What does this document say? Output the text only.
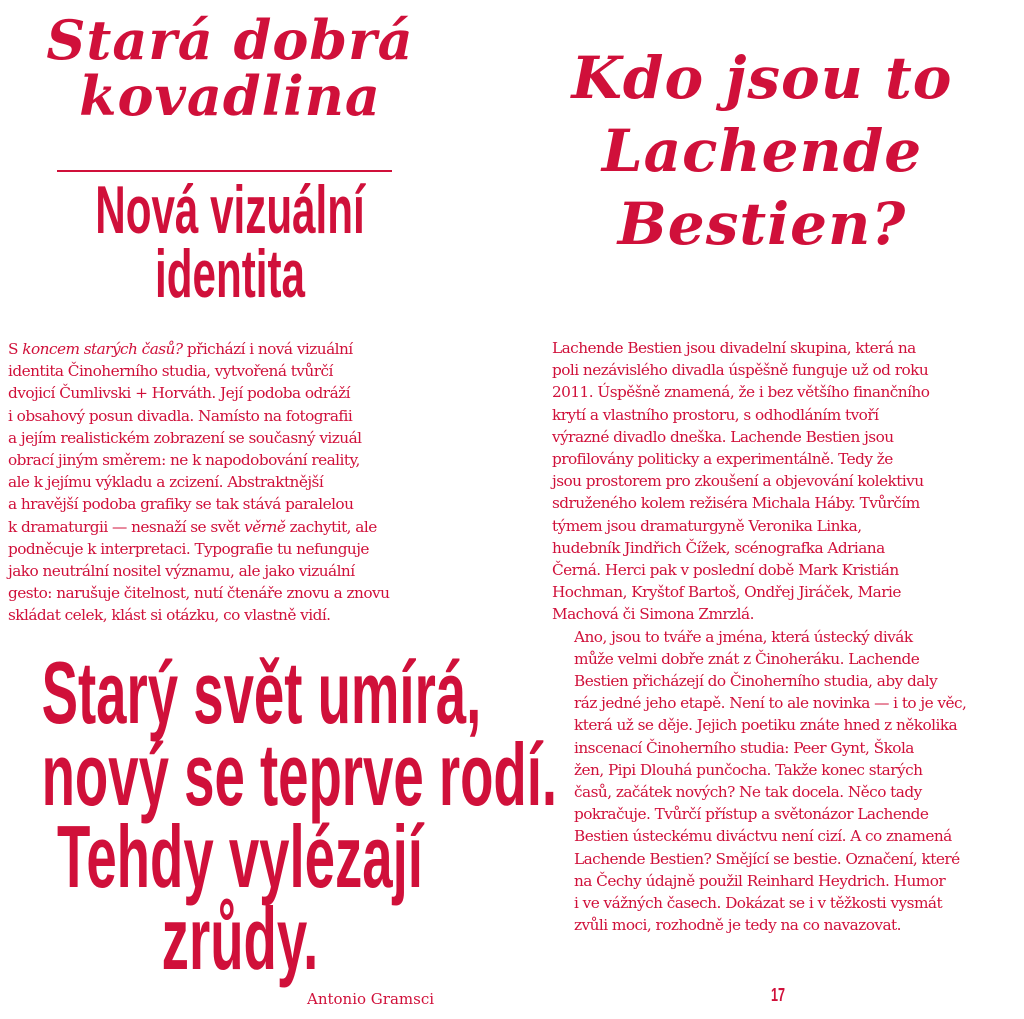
Stará dobrá
kovadlina
Nová vizuální
identita
S koncem starých časů? přichází i nová vizuální
identita Činoherního studia, vytvořená tvůrčí
dvojicí Čumlivski + Horváth. Její podoba odráží
i obsahový posun divadla. Namísto na fotografii
a jejím realistickém zobrazení se současný vizuál
obrací jiným směrem: ne k napodobování reality,
ale k jejímu výkladu a zcizení. Abstraktnější
a hravější podoba grafiky se tak stává paralelou
k dramaturgii — nesnaží se svět věrně zachytit, ale
podněcuje k interpretaci. Typografie tu nefunguje
jako neutrální nositel významu, ale jako vizuální
gesto: narušuje čitelnost, nutí čtenáře znovu a znovu
skládat celek, klást si otázku, co vlastně vidí.
Starý svět umírá,
nový se teprve rodí.
Tehdy vylézají
zrůdy.
Antonio Gramsci
Kdo jsou to
Lachende
Bestien?
Lachende Bestien jsou divadelní skupina, která na
poli nezávislého divadla úspěšně funguje už od roku
2011. Úspěšně znamená, že i bez většího finančního
krytí a vlastního prostoru, s odhodláním tvoří
výrazné divadlo dneška. Lachende Bestien jsou
profilovány politicky a experimentálně. Tedy že
jsou prostorem pro zkoušení a objevování kolektivu
sdruženého kolem režiséra Michala Háby. Tvůrčím
týmem jsou dramaturgyně Veronika Linka,
hudebník Jindřich Čížek, scénografka Adriana
Černá. Herci pak v poslední době Mark Kristián
Hochman, Kryštof Bartoš, Ondřej Jiráček, Marie
Machová či Simona Zmrzlá.
Ano, jsou to tváře a jména, která ústecký divák
může velmi dobře znát z Činoheráku. Lachende
Bestien přicházejí do Činoherního studia, aby daly
ráz jedné jeho etapě. Není to ale novinka — i to je věc,
která už se děje. Jejich poetiku znáte hned z několika
inscenací Činoherního studia: Peer Gynt, Škola
žen, Pipi Dlouhá punčocha. Takže konec starých
časů, začátek nových? Ne tak docela. Něco tady
pokračuje. Tvůrčí přístup a světonázor Lachende
Bestien ústeckému diváctvu není cizí. A co znamená
Lachende Bestien? Smějící se bestie. Označení, které
na Čechy údajně použil Reinhard Heydrich. Humor
i ve vážných časech. Dokázat se i v těžkosti vysmát
zvůli moci, rozhodně je tedy na co navazovat.
17
